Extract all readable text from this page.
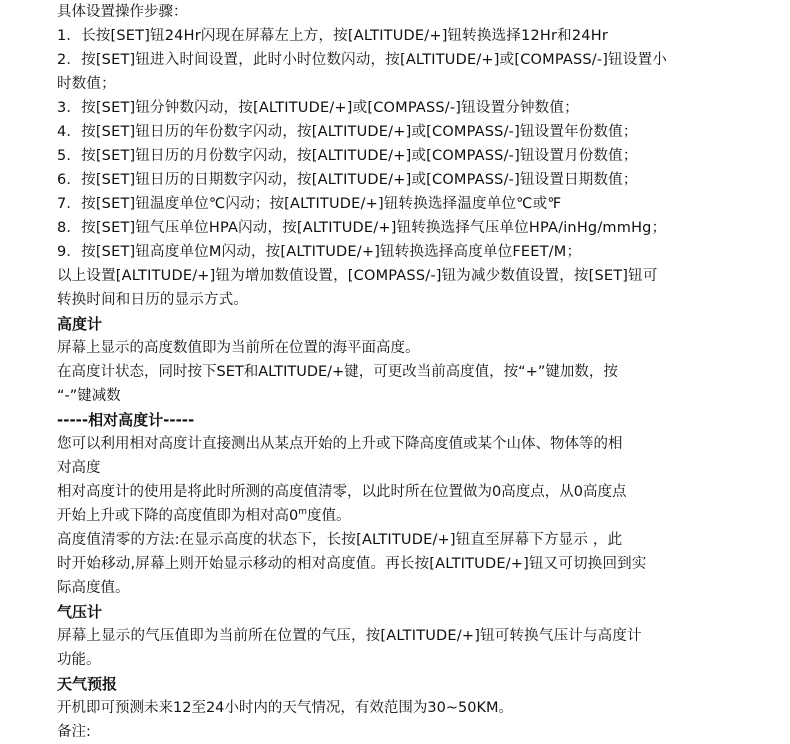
具体设置操作步骤：
1．长按[SET]钮24Hr闪现在屏幕左上方，按[ALTITUDE/+]钮转换选择12Hr和24Hr
2．按[SET]钮进入时间设置，此时小时位数闪动，按[ALTITUDE/+]或[COMPASS/-]钮设置小
时数值；
3．按[SET]钮分钟数闪动，按[ALTITUDE/+]或[COMPASS/-]钮设置分钟数值；
4．按[SET]钮日历的年份数字闪动，按[ALTITUDE/+]或[COMPASS/-]钮设置年份数值；
5．按[SET]钮日历的月份数字闪动，按[ALTITUDE/+]或[COMPASS/-]钮设置月份数值；
6．按[SET]钮日历的日期数字闪动，按[ALTITUDE/+]或[COMPASS/-]钮设置日期数值；
7．按[SET]钮温度单位℃闪动；按[ALTITUDE/+]钮转换选择温度单位℃或℉
8．按[SET]钮气压单位HPA闪动，按[ALTITUDE/+]钮转换选择气压单位HPA/inHg/mmHg；
9．按[SET]钮高度单位M闪动，按[ALTITUDE/+]钮转换选择高度单位FEET/M；
以上设置[ALTITUDE/+]钮为增加数值设置，[COMPASS/-]钮为减少数值设置，按[SET]钮可
转换时间和日历的显示方式。
高度计
屏幕上显示的高度数值即为当前所在位置的海平面高度。
在高度计状态，同时按下SET和ALTITUDE/+键，可更改当前高度值，按“+”键加数，按
“-”键减数
-----相对高度计-----
您可以利用相对高度计直接测出从某点开始的上升或下降高度值或某个山体、物体等的相
对高度
相对高度计的使用是将此时所测的高度值清零，以此时所在位置做为0高度点，从0高度点
开始上升或下降的高度值即为相对高0$^m$度值。
高度值清零的方法:在显示高度的状态下，长按[ALTITUDE/+]钮直至屏幕下方显示 ，此
时开始移动,屏幕上则开始显示移动的相对高度值。再长按[ALTITUDE/+]钮又可切换回到实
际高度值。
气压计
屏幕上显示的气压值即为当前所在位置的气压，按[ALTITUDE/+]钮可转换气压计与高度计
功能。
天气预报
开机即可预测未来12至24小时内的天气情况，有效范围为30~50KM。
备注:
